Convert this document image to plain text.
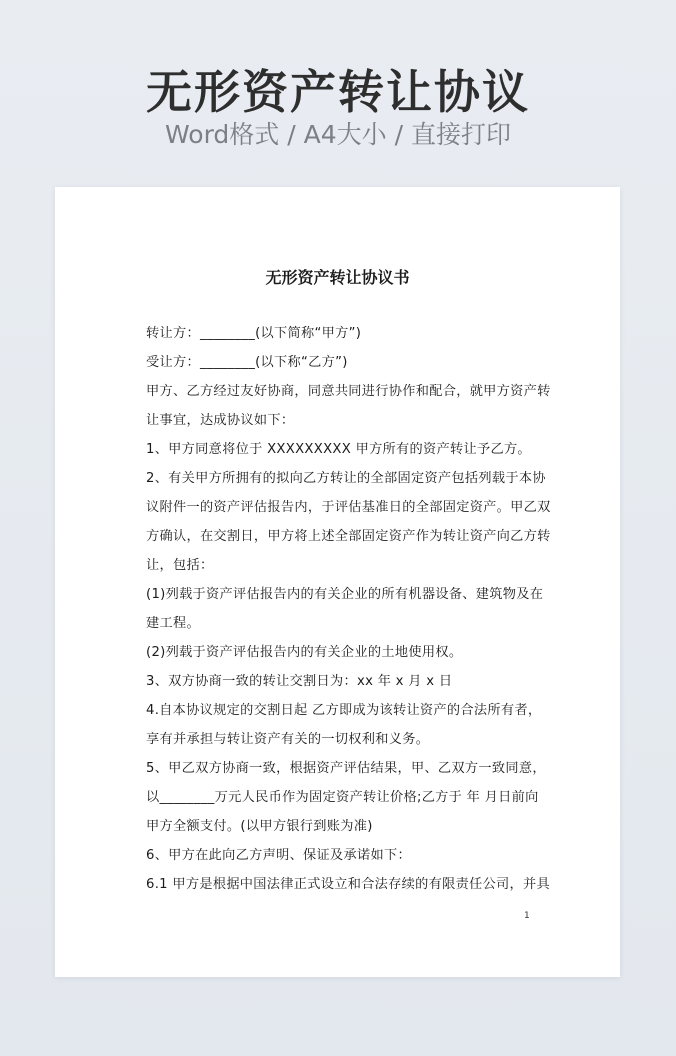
无形资产转让协议
Word格式 / A4大小 / 直接打印
无形资产转让协议书
转让方：________(以下简称“甲方”)
受让方：________(以下称“乙方”)
甲方、乙方经过友好协商，同意共同进行协作和配合，就甲方资产转
让事宜，达成协议如下：
1、甲方同意将位于 XXXXXXXXX 甲方所有的资产转让予乙方。
2、有关甲方所拥有的拟向乙方转让的全部固定资产包括列载于本协
议附件一的资产评估报告内，于评估基准日的全部固定资产。甲乙双
方确认，在交割日，甲方将上述全部固定资产作为转让资产向乙方转
让，包括：
(1)列载于资产评估报告内的有关企业的所有机器设备、建筑物及在
建工程。
(2)列载于资产评估报告内的有关企业的土地使用权。
3、双方协商一致的转让交割日为：xx 年 x 月 x 日
4.自本协议规定的交割日起 乙方即成为该转让资产的合法所有者，
享有并承担与转让资产有关的一切权利和义务。
5、甲乙双方协商一致，根据资产评估结果，甲、乙双方一致同意，
以________万元人民币作为固定资产转让价格;乙方于 年 月日前向
甲方全额支付。(以甲方银行到账为准)
6、甲方在此向乙方声明、保证及承诺如下：
6.1 甲方是根据中国法律正式设立和合法存续的有限责任公司，并具
1
